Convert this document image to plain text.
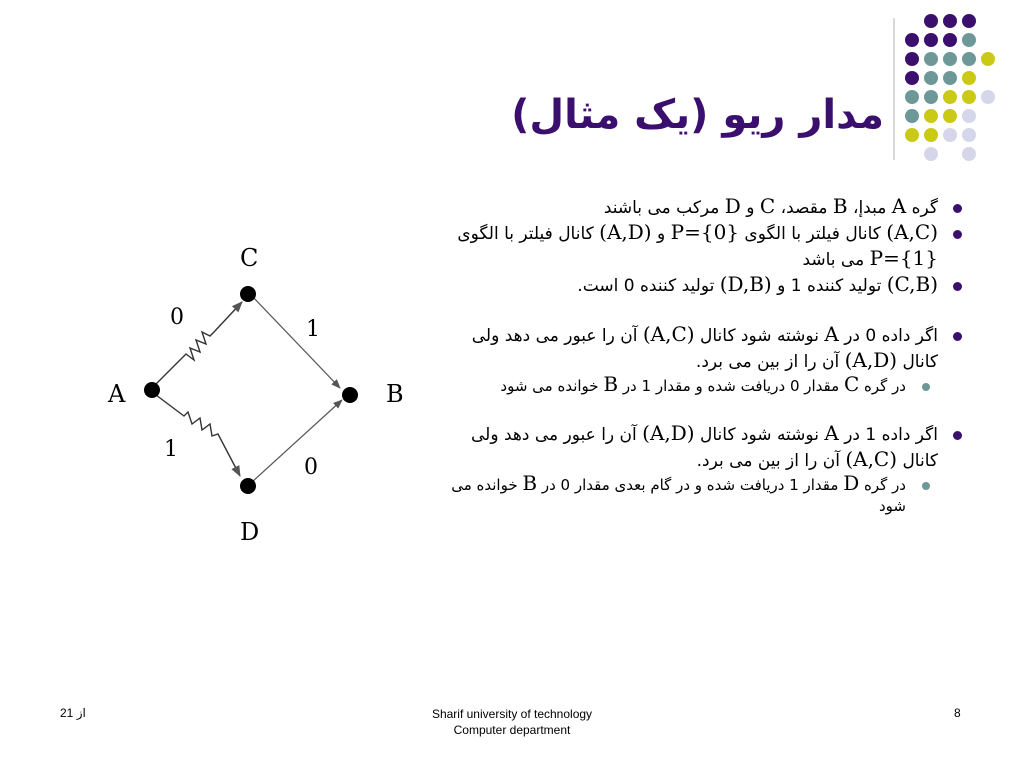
مدار ریو (یک مثال)
گره A مبدإ، B مقصد، C و D مرکب می باشند
(A,C) کانال فیلتر با الگوی P={0} و (A,D) کانال فیلتر با الگوی P={1} می باشد
(C,B) تولید کننده 1 و (D,B) تولید کننده 0 است.
اگر داده 0 در A نوشته شود کانال (A,C) آن را عبور می دهد ولی کانال (A,D) آن را از بین می برد.
در گره C مقدار 0 دریافت شده و مقدار 1 در B خوانده می شود
اگر داده 1 در A نوشته شود کانال (A,D) آن را عبور می دهد ولی کانال (A,C) آن را از بین می برد.
در گره D مقدار 1 دریافت شده و در گام بعدی مقدار 0 در B خوانده می شود
A	B
C
D
0
1
1
0
از 21	Sharif university of technology
Computer department
8
